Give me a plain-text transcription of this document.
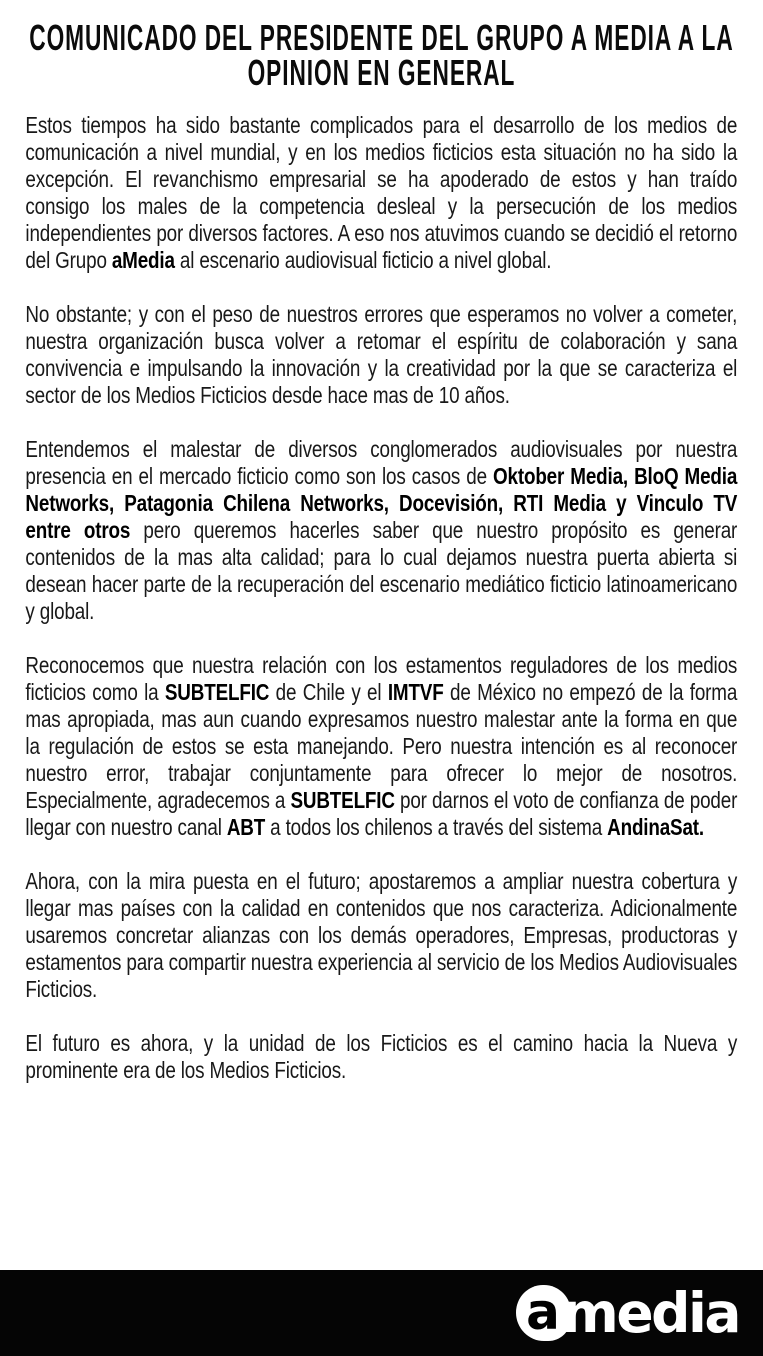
COMUNICADO DEL PRESIDENTE DEL GRUPO A MEDIA A LA
OPINION EN GENERAL

Estos tiempos ha sido bastante complicados para el desarrollo de los medios de comunicación a nivel mundial, y en los medios ficticios esta situación no ha sido la excepción. El revanchismo empresarial se ha apoderado de estos y han traído consigo los males de la competencia desleal y la persecución de los medios independientes por diversos factores. A eso nos atuvimos cuando se decidió el retorno del Grupo aMedia al escenario audiovisual ficticio a nivel global.

No obstante; y con el peso de nuestros errores que esperamos no volver a cometer, nuestra organización busca volver a retomar el espíritu de colaboración y sana convivencia e impulsando la innovación y la creatividad por la que se caracteriza el sector de los Medios Ficticios desde hace mas de 10 años.

Entendemos el malestar de diversos conglomerados audiovisuales por nuestra presencia en el mercado ficticio como son los casos de Oktober Media, BloQ Media Networks, Patagonia Chilena Networks, Docevisión, RTI Media y Vinculo TV entre otros pero queremos hacerles saber que nuestro propósito es generar contenidos de la mas alta calidad; para lo cual dejamos nuestra puerta abierta si desean hacer parte de la recuperación del escenario mediático ficticio latinoamericano y global.

Reconocemos que nuestra relación con los estamentos reguladores de los medios ficticios como la SUBTELFIC de Chile y el IMTVF de México no empezó de la forma mas apropiada, mas aun cuando expresamos nuestro malestar ante la forma en que la regulación de estos se esta manejando. Pero nuestra intención es al reconocer nuestro error, trabajar conjuntamente para ofrecer lo mejor de nosotros. Especialmente, agradecemos a SUBTELFIC por darnos el voto de confianza de poder llegar con nuestro canal ABT a todos los chilenos a través del sistema AndinaSat.

Ahora, con la mira puesta en el futuro; apostaremos a ampliar nuestra cobertura y llegar mas países con la calidad en contenidos que nos caracteriza. Adicionalmente usaremos concretar alianzas con los demás operadores, Empresas, productoras y estamentos para compartir nuestra experiencia al servicio de los Medios Audiovisuales Ficticios.

El futuro es ahora, y la unidad de los Ficticios es el camino hacia la Nueva y prominente era de los Medios Ficticios.

a media
